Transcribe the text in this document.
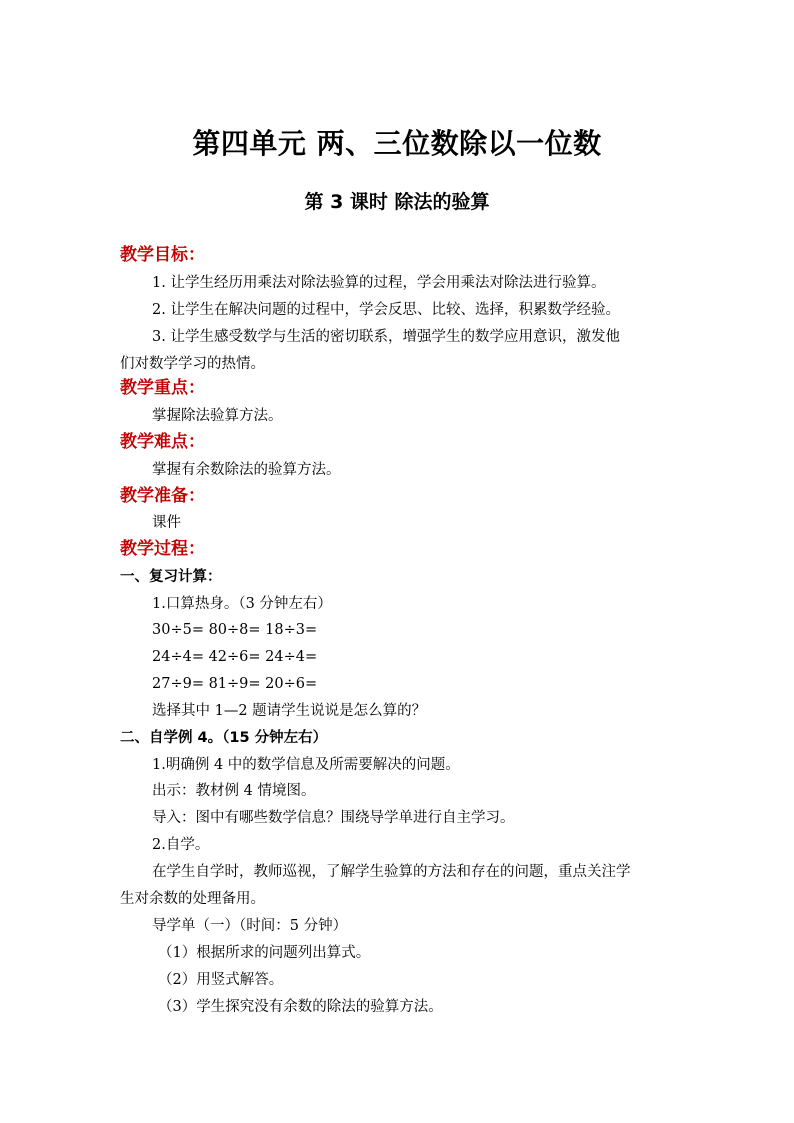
第四单元 两、三位数除以一位数
第 3 课时 除法的验算
教学目标：
1. 让学生经历用乘法对除法验算的过程，学会用乘法对除法进行验算。
2. 让学生在解决问题的过程中，学会反思、比较、选择，积累数学经验。
3. 让学生感受数学与生活的密切联系，增强学生的数学应用意识，激发他
们对数学学习的热情。
教学重点：
掌握除法验算方法。
教学难点：
掌握有余数除法的验算方法。
教学准备：
课件
教学过程：
一、复习计算：
1.口算热身。（3 分钟左右）
30÷5= 80÷8= 18÷3=
24÷4= 42÷6= 24÷4=
27÷9= 81÷9= 20÷6=
选择其中 1—2 题请学生说说是怎么算的？
二、自学例 4。（15 分钟左右）
1.明确例 4 中的数学信息及所需要解决的问题。
出示：教材例 4 情境图。
导入：图中有哪些数学信息？围绕导学单进行自主学习。
2.自学。
在学生自学时，教师巡视，了解学生验算的方法和存在的问题，重点关注学
生对余数的处理备用。
导学单（一）（时间：5 分钟）
（1）根据所求的问题列出算式。
（2）用竖式解答。
（3）学生探究没有余数的除法的验算方法。
